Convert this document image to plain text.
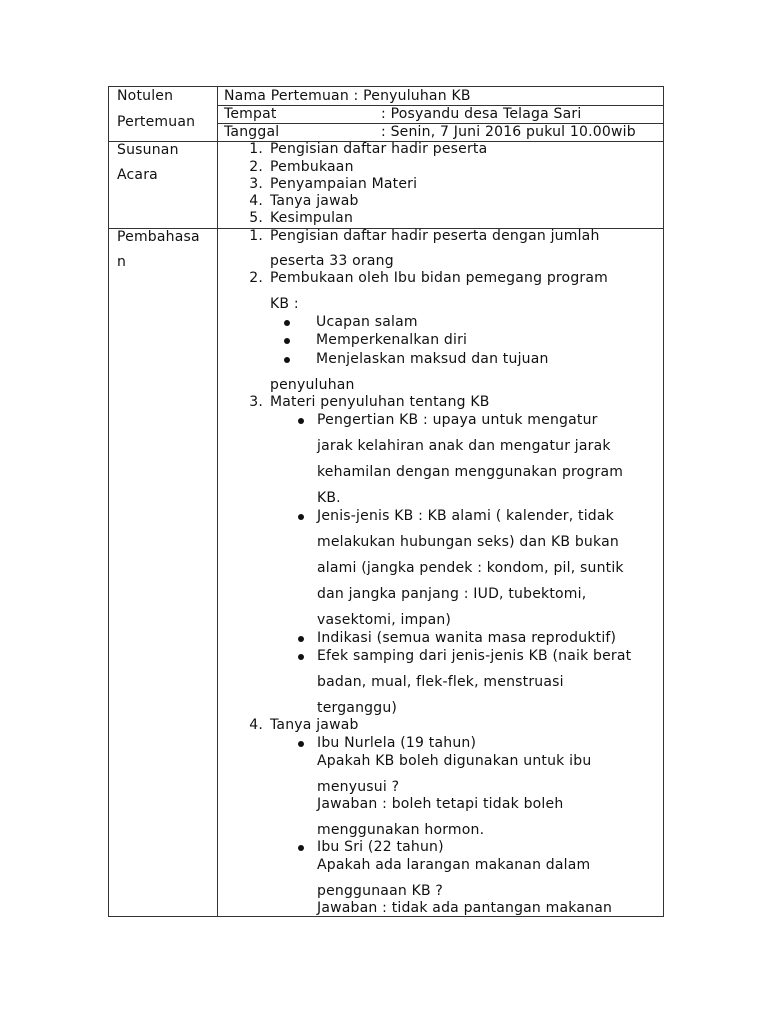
Notulen
Pertemuan
Nama Pertemuan : Penyuluhan KB
Tempat	: Posyandu desa Telaga Sari
Tanggal	: Senin, 7 Juni 2016 pukul 10.00wib
Susunan
Acara
1. Pengisian daftar hadir peserta
2. Pembukaan
3. Penyampaian Materi
4. Tanya jawab
5. Kesimpulan
Pembahasa
n
1. Pengisian daftar hadir peserta dengan jumlah
peserta 33 orang
2. Pembukaan oleh Ibu bidan pemegang program
KB :
Ucapan salam
Memperkenalkan diri
Menjelaskan maksud dan tujuan
penyuluhan
3. Materi penyuluhan tentang KB
Pengertian KB : upaya untuk mengatur
jarak kelahiran anak dan mengatur jarak
kehamilan dengan menggunakan program
KB.
Jenis-jenis KB : KB alami ( kalender, tidak
melakukan hubungan seks) dan KB bukan
alami (jangka pendek : kondom, pil, suntik
dan jangka panjang : IUD, tubektomi,
vasektomi, impan)
Indikasi (semua wanita masa reproduktif)
Efek samping dari jenis-jenis KB (naik berat
badan, mual, flek-flek, menstruasi
terganggu)
4. Tanya jawab
Ibu Nurlela (19 tahun)
Apakah KB boleh digunakan untuk ibu
menyusui ?
Jawaban : boleh tetapi tidak boleh
menggunakan hormon.
Ibu Sri (22 tahun)
Apakah ada larangan makanan dalam
penggunaan KB ?
Jawaban : tidak ada pantangan makanan
